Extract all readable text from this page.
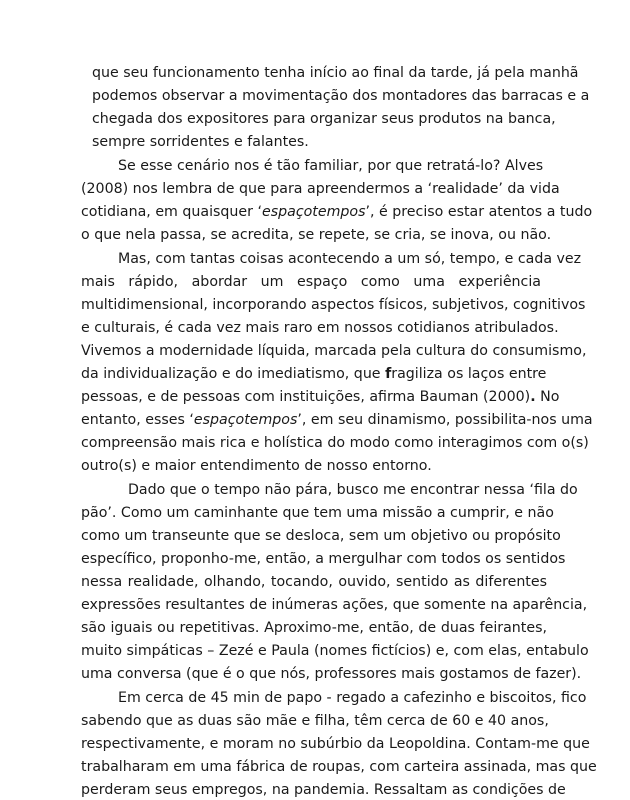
que seu funcionamento tenha início ao final da tarde, já pela manhã
podemos observar a movimentação dos montadores das barracas e a
chegada dos expositores para organizar seus produtos na banca,
sempre sorridentes e falantes.
Se esse cenário nos é tão familiar, por que retratá-lo? Alves
(2008) nos lembra de que para apreendermos a ‘realidade’ da vida
cotidiana, em quaisquer ‘espaçotempos’, é preciso estar atentos a tudo
o que nela passa, se acredita, se repete, se cria, se inova, ou não.
Mas, com tantas coisas acontecendo a um só, tempo, e cada vez
mais rápido, abordar um espaço como uma experiência
multidimensional, incorporando aspectos físicos, subjetivos, cognitivos
e culturais, é cada vez mais raro em nossos cotidianos atribulados.
Vivemos a modernidade líquida, marcada pela cultura do consumismo,
da individualização e do imediatismo, que fragiliza os laços entre
pessoas, e de pessoas com instituições, afirma Bauman (2000). No
entanto, esses ‘espaçotempos’, em seu dinamismo, possibilita-nos uma
compreensão mais rica e holística do modo como interagimos com o(s)
outro(s) e maior entendimento de nosso entorno.
Dado que o tempo não pára, busco me encontrar nessa ‘fila do
pão’. Como um caminhante que tem uma missão a cumprir, e não
como um transeunte que se desloca, sem um objetivo ou propósito
específico, proponho-me, então, a mergulhar com todos os sentidos
nessa realidade, olhando, tocando, ouvido, sentido as diferentes
expressões resultantes de inúmeras ações, que somente na aparência,
são iguais ou repetitivas. Aproximo-me, então, de duas feirantes,
muito simpáticas – Zezé e Paula (nomes fictícios) e, com elas, entabulo
uma conversa (que é o que nós, professores mais gostamos de fazer).
Em cerca de 45 min de papo - regado a cafezinho e biscoitos, fico
sabendo que as duas são mãe e filha, têm cerca de 60 e 40 anos,
respectivamente, e moram no subúrbio da Leopoldina. Contam-me que
trabalharam em uma fábrica de roupas, com carteira assinada, mas que
perderam seus empregos, na pandemia. Ressaltam as condições de
